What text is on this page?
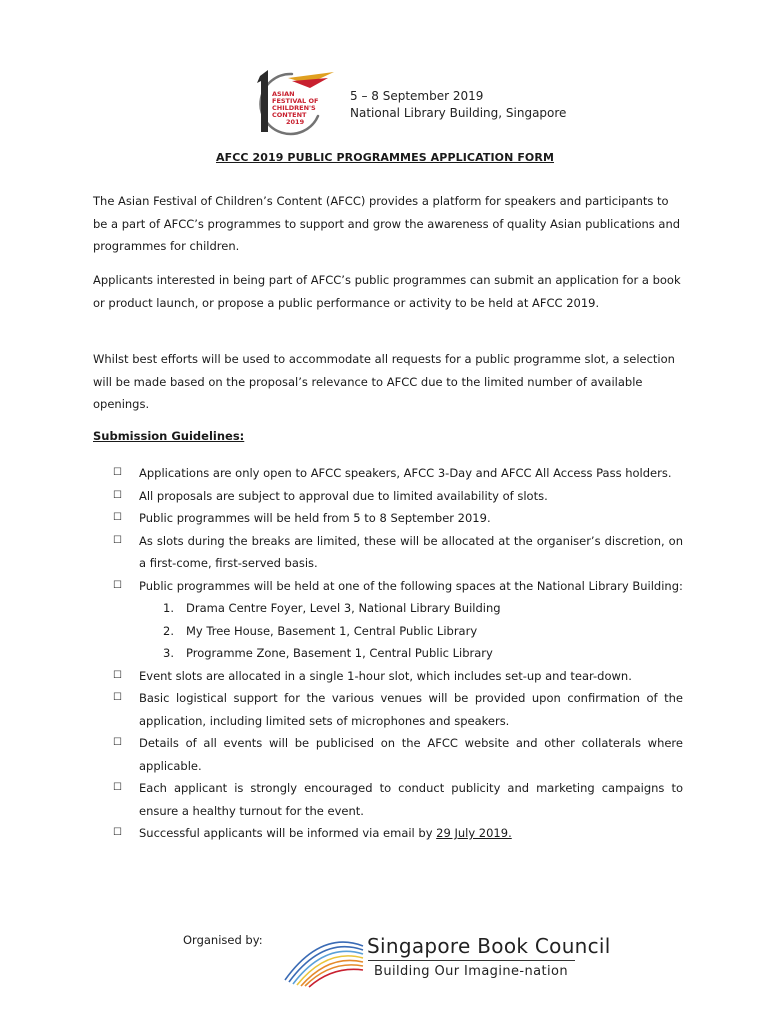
ASIAN
FESTIVAL OF
CHILDREN'S
CONTENT
2019
5 – 8 September 2019
National Library Building, Singapore
AFCC 2019 PUBLIC PROGRAMMES APPLICATION FORM
The Asian Festival of Children’s Content (AFCC) provides a platform for speakers and participants to be a part of AFCC’s programmes to support and grow the awareness of quality Asian publications and programmes for children.
Applicants interested in being part of AFCC’s public programmes can submit an application for a book or product launch, or propose a public performance or activity to be held at AFCC 2019.
Whilst best efforts will be used to accommodate all requests for a public programme slot, a selection will be made based on the proposal’s relevance to AFCC due to the limited number of available openings.
Submission Guidelines:
☐ Applications are only open to AFCC speakers, AFCC 3-Day and AFCC All Access Pass holders.
☐ All proposals are subject to approval due to limited availability of slots.
☐ Public programmes will be held from 5 to 8 September 2019.
☐ As slots during the breaks are limited, these will be allocated at the organiser’s discretion, on a first-come, first-served basis.
☐ Public programmes will be held at one of the following spaces at the National Library Building:
1. Drama Centre Foyer, Level 3, National Library Building
2. My Tree House, Basement 1, Central Public Library
3. Programme Zone, Basement 1, Central Public Library
☐ Event slots are allocated in a single 1-hour slot, which includes set-up and tear-down.
☐ Basic logistical support for the various venues will be provided upon confirmation of the application, including limited sets of microphones and speakers.
☐ Details of all events will be publicised on the AFCC website and other collaterals where applicable.
☐ Each applicant is strongly encouraged to conduct publicity and marketing campaigns to ensure a healthy turnout for the event.
☐ Successful applicants will be informed via email by 29 July 2019.
Organised by:	Singapore Book Council
Building Our Imagine-nation
